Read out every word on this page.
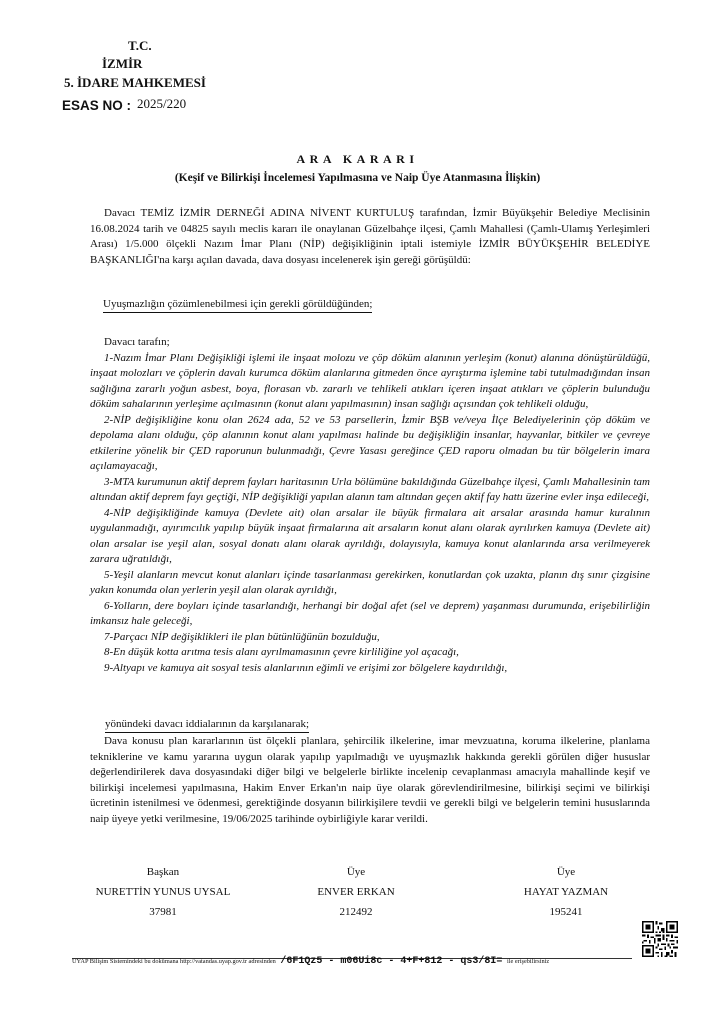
T.C.
İZMİR
5. İDARE MAHKEMESİ
ESAS NO : 2025/220
ARA KARARI
(Keşif ve Bilirkişi İncelemesi Yapılmasına ve Naip Üye Atanmasına İlişkin)

Davacı TEMİZ İZMİR DERNEĞİ ADINA NİVENT KURTULUŞ tarafından, İzmir Büyükşehir Belediye Meclisinin 16.08.2024 tarih ve 04825 sayılı meclis kararı ile onaylanan Güzelbahçe ilçesi, Çamlı Mahallesi (Çamlı-Ulamış Yerleşimleri Arası) 1/5.000 ölçekli Nazım İmar Planı (NİP) değişikliğinin iptali istemiyle İZMİR BÜYÜKŞEHİR BELEDİYE BAŞKANLIĞI'na karşı açılan davada, dava dosyası incelenerek işin gereği görüşüldü:

Uyuşmazlığın çözümlenebilmesi için gerekli görüldüğünden;

Davacı tarafın;

1-Nazım İmar Planı Değişikliği işlemi ile inşaat molozu ve çöp döküm alanının yerleşim (konut) alanına dönüştürüldüğü, inşaat molozları ve çöplerin davalı kurumca döküm alanlarına gitmeden önce ayrıştırma işlemine tabi tutulmadığından insan sağlığına zararlı yoğun asbest, boya, florasan vb. zararlı ve tehlikeli atıkları içeren inşaat atıkları ve çöplerin bulunduğu döküm sahalarının yerleşime açılmasının (konut alanı yapılmasının) insan sağlığı açısından çok tehlikeli olduğu,

2-NİP değişikliğine konu olan 2624 ada, 52 ve 53 parsellerin, İzmir BŞB ve/veya İlçe Belediyelerinin çöp döküm ve depolama alanı olduğu, çöp alanının konut alanı yapılması halinde bu değişikliğin insanlar, hayvanlar, bitkiler ve çevreye etkilerine yönelik bir ÇED raporunun bulunmadığı, Çevre Yasası gereğince ÇED raporu olmadan bu tür bölgelerin imara açılamayacağı,

3-MTA kurumunun aktif deprem fayları haritasının Urla bölümüne bakıldığında Güzelbahçe ilçesi, Çamlı Mahallesinin tam altından aktif deprem fayı geçtiği, NİP değişikliği yapılan alanın tam altından geçen aktif fay hattı üzerine evler inşa edileceği,

4-NİP değişikliğinde kamuya (Devlete ait) olan arsalar ile büyük firmalara ait arsalar arasında hamur kuralının uygulanmadığı, ayırımcılık yapılıp büyük inşaat firmalarına ait arsaların konut alanı olarak ayrılırken kamuya (Devlete ait) olan arsalar ise yeşil alan, sosyal donatı alanı olarak ayrıldığı, dolayısıyla, kamuya konut alanlarında arsa verilmeyerek zarara uğratıldığı,

5-Yeşil alanların mevcut konut alanları içinde tasarlanması gerekirken, konutlardan çok uzakta, planın dış sınır çizgisine yakın konumda olan yerlerin yeşil alan olarak ayrıldığı,

6-Yolların, dere boyları içinde tasarlandığı, herhangi bir doğal afet (sel ve deprem) yaşanması durumunda, erişebilirliğin imkansız hale geleceği,

7-Parçacı NİP değişiklikleri ile plan bütünlüğünün bozulduğu,

8-En düşük kotta arıtma tesis alanı ayrılmamasının çevre kirliliğine yol açacağı,

9-Altyapı ve kamuya ait sosyal tesis alanlarının eğimli ve erişimi zor bölgelere kaydırıldığı,

yönündeki davacı iddialarının da karşılanarak;

Dava konusu plan kararlarının üst ölçekli planlara, şehircilik ilkelerine, imar mevzuatına, koruma ilkelerine, planlama tekniklerine ve kamu yararına uygun olarak yapılıp yapılmadığı ve uyuşmazlık hakkında gerekli görülen diğer hususlar değerlendirilerek dava dosyasındaki diğer bilgi ve belgelerle birlikte incelenip cevaplanması amacıyla mahallinde keşif ve bilirkişi incelemesi yapılmasına, Hakim Enver Erkan'ın naip üye olarak görevlendirilmesine, bilirkişi seçimi ve bilirkişi ücretinin istenilmesi ve ödenmesi, gerektiğinde dosyanın bilirkişilere tevdii ve gerekli bilgi ve belgelerin temini hususlarında naip üyeye yetki verilmesine, 19/06/2025 tarihinde oybirliğiyle karar verildi.

Başkan
NURETTİN YUNUS UYSAL
37981
Üye
ENVER ERKAN
212492
Üye
HAYAT YAZMAN
195241
UYAP Bilişim Sistemindeki bu dokümana http://vatandas.uyap.gov.tr adresinden /6F1Qz5 - m06Ui8c - 4+F+812 - qs3/8I= ile erişebilirsiniz
